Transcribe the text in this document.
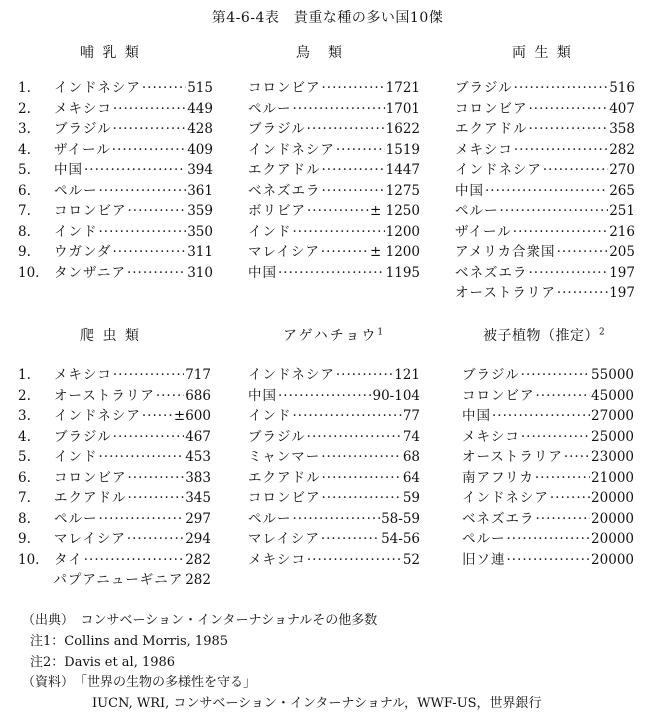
第4-6-4表　貴重な種の多い国10傑
哺 乳 類	鳥　類	両 生 類
爬 虫 類	アゲハチョウ$^1$	被子植物（推定）$^2$
1.	インドネシア ·····	515
2.	メキシコ ·····	449
3.	ブラジル ·····	428
4.	ザイール ·····	409
5.	中国 ·····	394
6.	ペルー ·····	361
7.	コロンビア ·····	359
8.	インド ·····	350
9.	ウガンダ ·····	311
10.	タンザニア ·····	310
コロンビア ·····	1721
ペルー ·····	1701
ブラジル ·····	1622
インドネシア ·····	1519
エクアドル ·····	1447
ベネズエラ ·····	1275
ボリビア ·····	± 1250
インド ·····	1200
マレイシア ·····	± 1200
中国 ·····	1195
ブラジル ·····	516
コロンビア ·····	407
エクアドル ·····	358
メキシコ ·····	282
インドネシア ·····	270
中国 ·····	265
ペルー ·····	251
ザイール ·····	216
アメリカ合衆国 ·····	205
ベネズエラ ·····	197
オーストラリア ·····	197
1.	メキシコ ·····	717
2.	オーストラリア ····· 686
3.	インドネシア ····· ±600
4.	ブラジル ·····	467
5.	インド ·····	453
6.	コロンビア ·····	383
7.	エクアドル ·····	345
8.	ペルー ·····	297
9.	マレイシア ·····	294
10.	タイ ·····	282
パプアニューギニア 282
インドネシア ·····	121
中国 ·····	90-104
インド ·····	77
ブラジル ·····	74
ミャンマー ·····	68
エクアドル ·····	64
コロンビア ·····	59
ペルー ·····	58-59
マレイシア ·····	54-56
メキシコ ·····	52
ブラジル ·····	55000
コロンビア ·····	45000
中国 ·····	27000
メキシコ ·····	25000
オーストラリア ····· 23000
南アフリカ ·····	21000
インドネシア ·····	20000
ベネズエラ ·····	20000
ペルー ·····	20000
旧ソ連 ·····	20000
（出典）　コンサベーション・インターナショナルその他多数
注1：Collins and Morris, 1985
注2：Davis et al, 1986
（資料）　「世界の生物の多様性を守る」
IUCN, WRI, コンサベーション・インターナショナル，WWF-US，世界銀行
